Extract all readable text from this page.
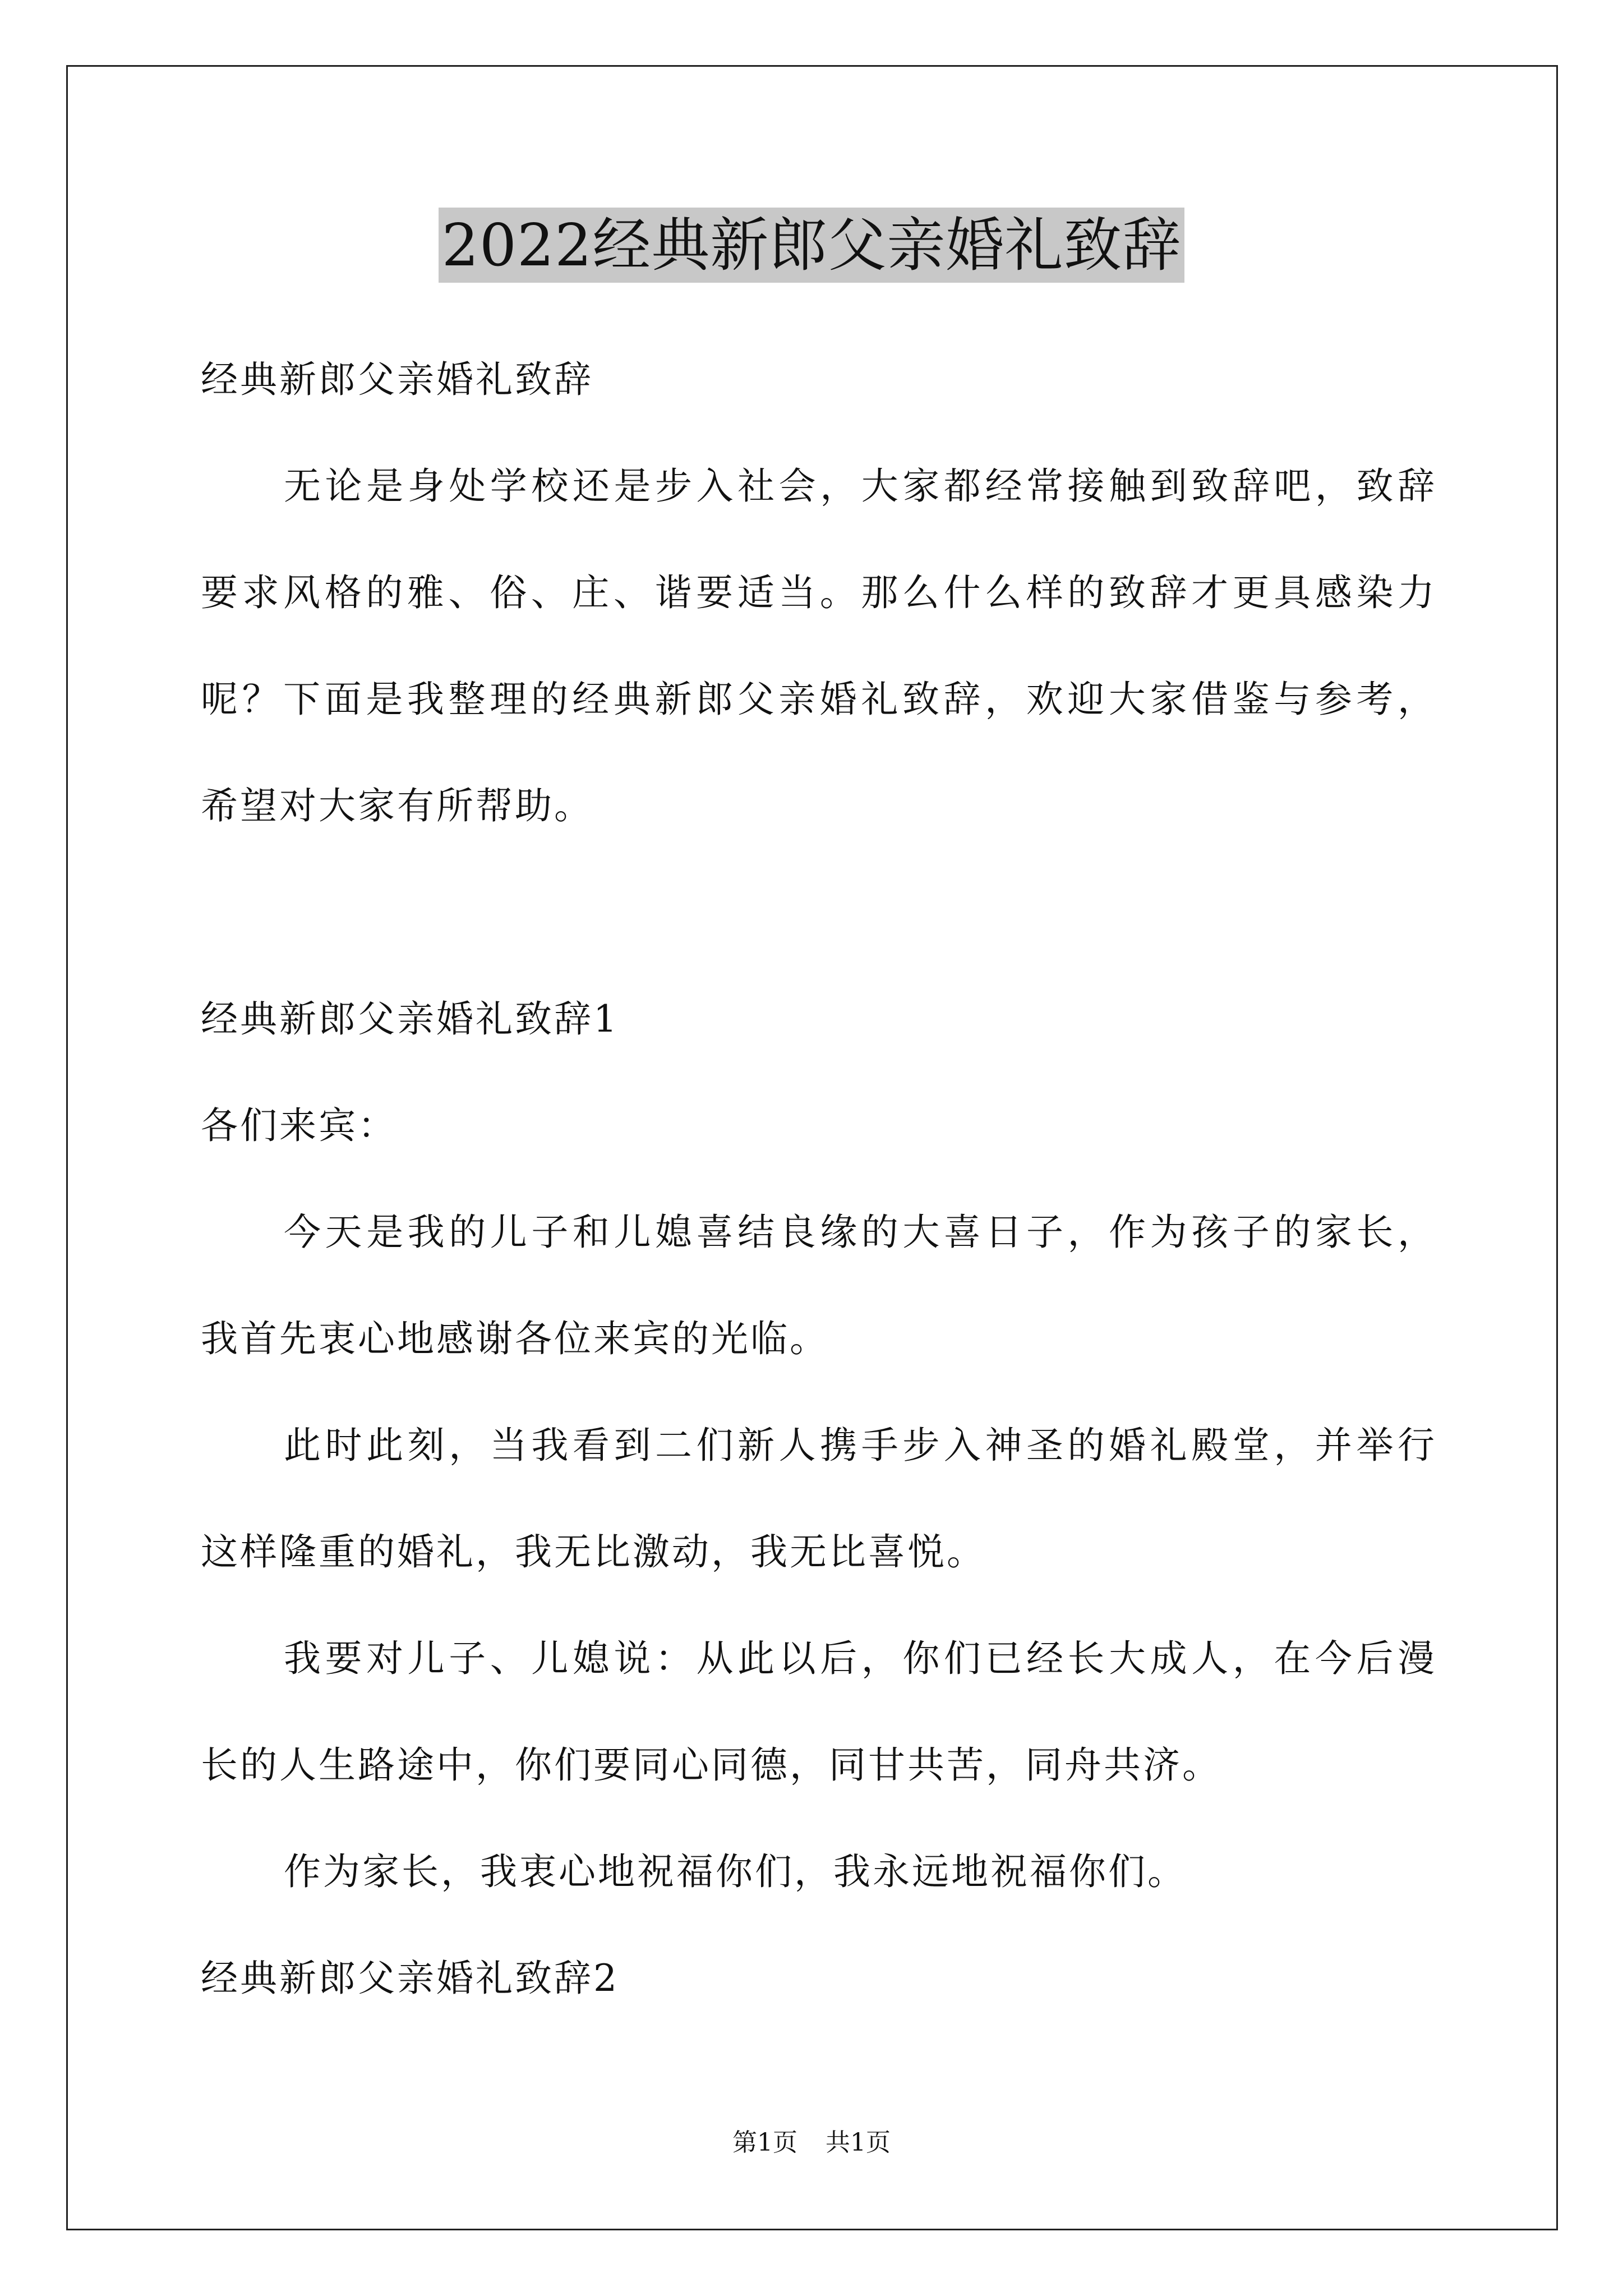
2022经典新郎父亲婚礼致辞
经典新郎父亲婚礼致辞
无论是身处学校还是步入社会，大家都经常接触到致辞吧，致辞
要求风格的雅、俗、庄、谐要适当。那么什么样的致辞才更具感染力
呢？下面是我整理的经典新郎父亲婚礼致辞，欢迎大家借鉴与参考，
希望对大家有所帮助。
经典新郎父亲婚礼致辞1
各们来宾：
今天是我的儿子和儿媳喜结良缘的大喜日子，作为孩子的家长，
我首先衷心地感谢各位来宾的光临。
此时此刻，当我看到二们新人携手步入神圣的婚礼殿堂，并举行
这样隆重的婚礼，我无比激动，我无比喜悦。
我要对儿子、儿媳说：从此以后，你们已经长大成人，在今后漫
长的人生路途中，你们要同心同德，同甘共苦，同舟共济。
作为家长，我衷心地祝福你们，我永远地祝福你们。
经典新郎父亲婚礼致辞2
第1页 共1页
